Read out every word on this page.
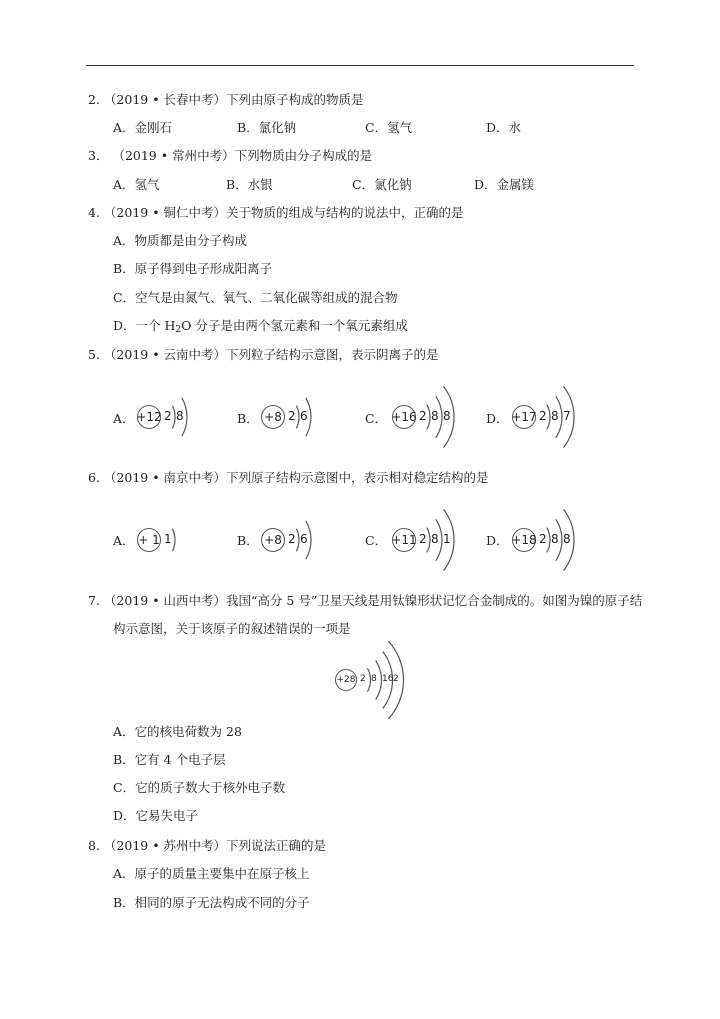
2. （2019 • 长春中考）下列由原子构成的物质是
A．金刚石	B．氯化钠	C．氢气	D．水
3． （2019 • 常州中考）下列物质由分子构成的是
A．氢气	B．水银	C．氯化钠	D．金属镁
4. （2019 • 铜仁中考）关于物质的组成与结构的说法中，正确的是
A．物质都是由分子构成
B．原子得到电子形成阳离子
C．空气是由氮气、氧气、二氧化碳等组成的混合物
D．一个 $H_2O$ 分子是由两个氢元素和一个氧元素组成
5. （2019 • 云南中考）下列粒子结构示意图，表示阴离子的是
A．	B．	C．	D．
6. （2019 • 南京中考）下列原子结构示意图中，表示相对稳定结构的是
A．	B．	C．	D．
7. （2019 • 山西中考）我国“高分 5 号”卫星天线是用钛镍形状记忆合金制成的。如图为镍的原子结
构示意图，关于该原子的叙述错误的一项是
A．它的核电荷数为 28
B．它有 4 个电子层
C．它的质子数大于核外电子数
D．它易失电子
8. （2019 • 苏州中考）下列说法正确的是
A．原子的质量主要集中在原子核上
B．相同的原子无法构成不同的分子
+12 2 8	+8 2 6	+16 2 8 8	+17 2 8 7
+ 1 1	+8 2 6	+11 2 8 1	+18 2 8 8
+28 2 8 16 2
